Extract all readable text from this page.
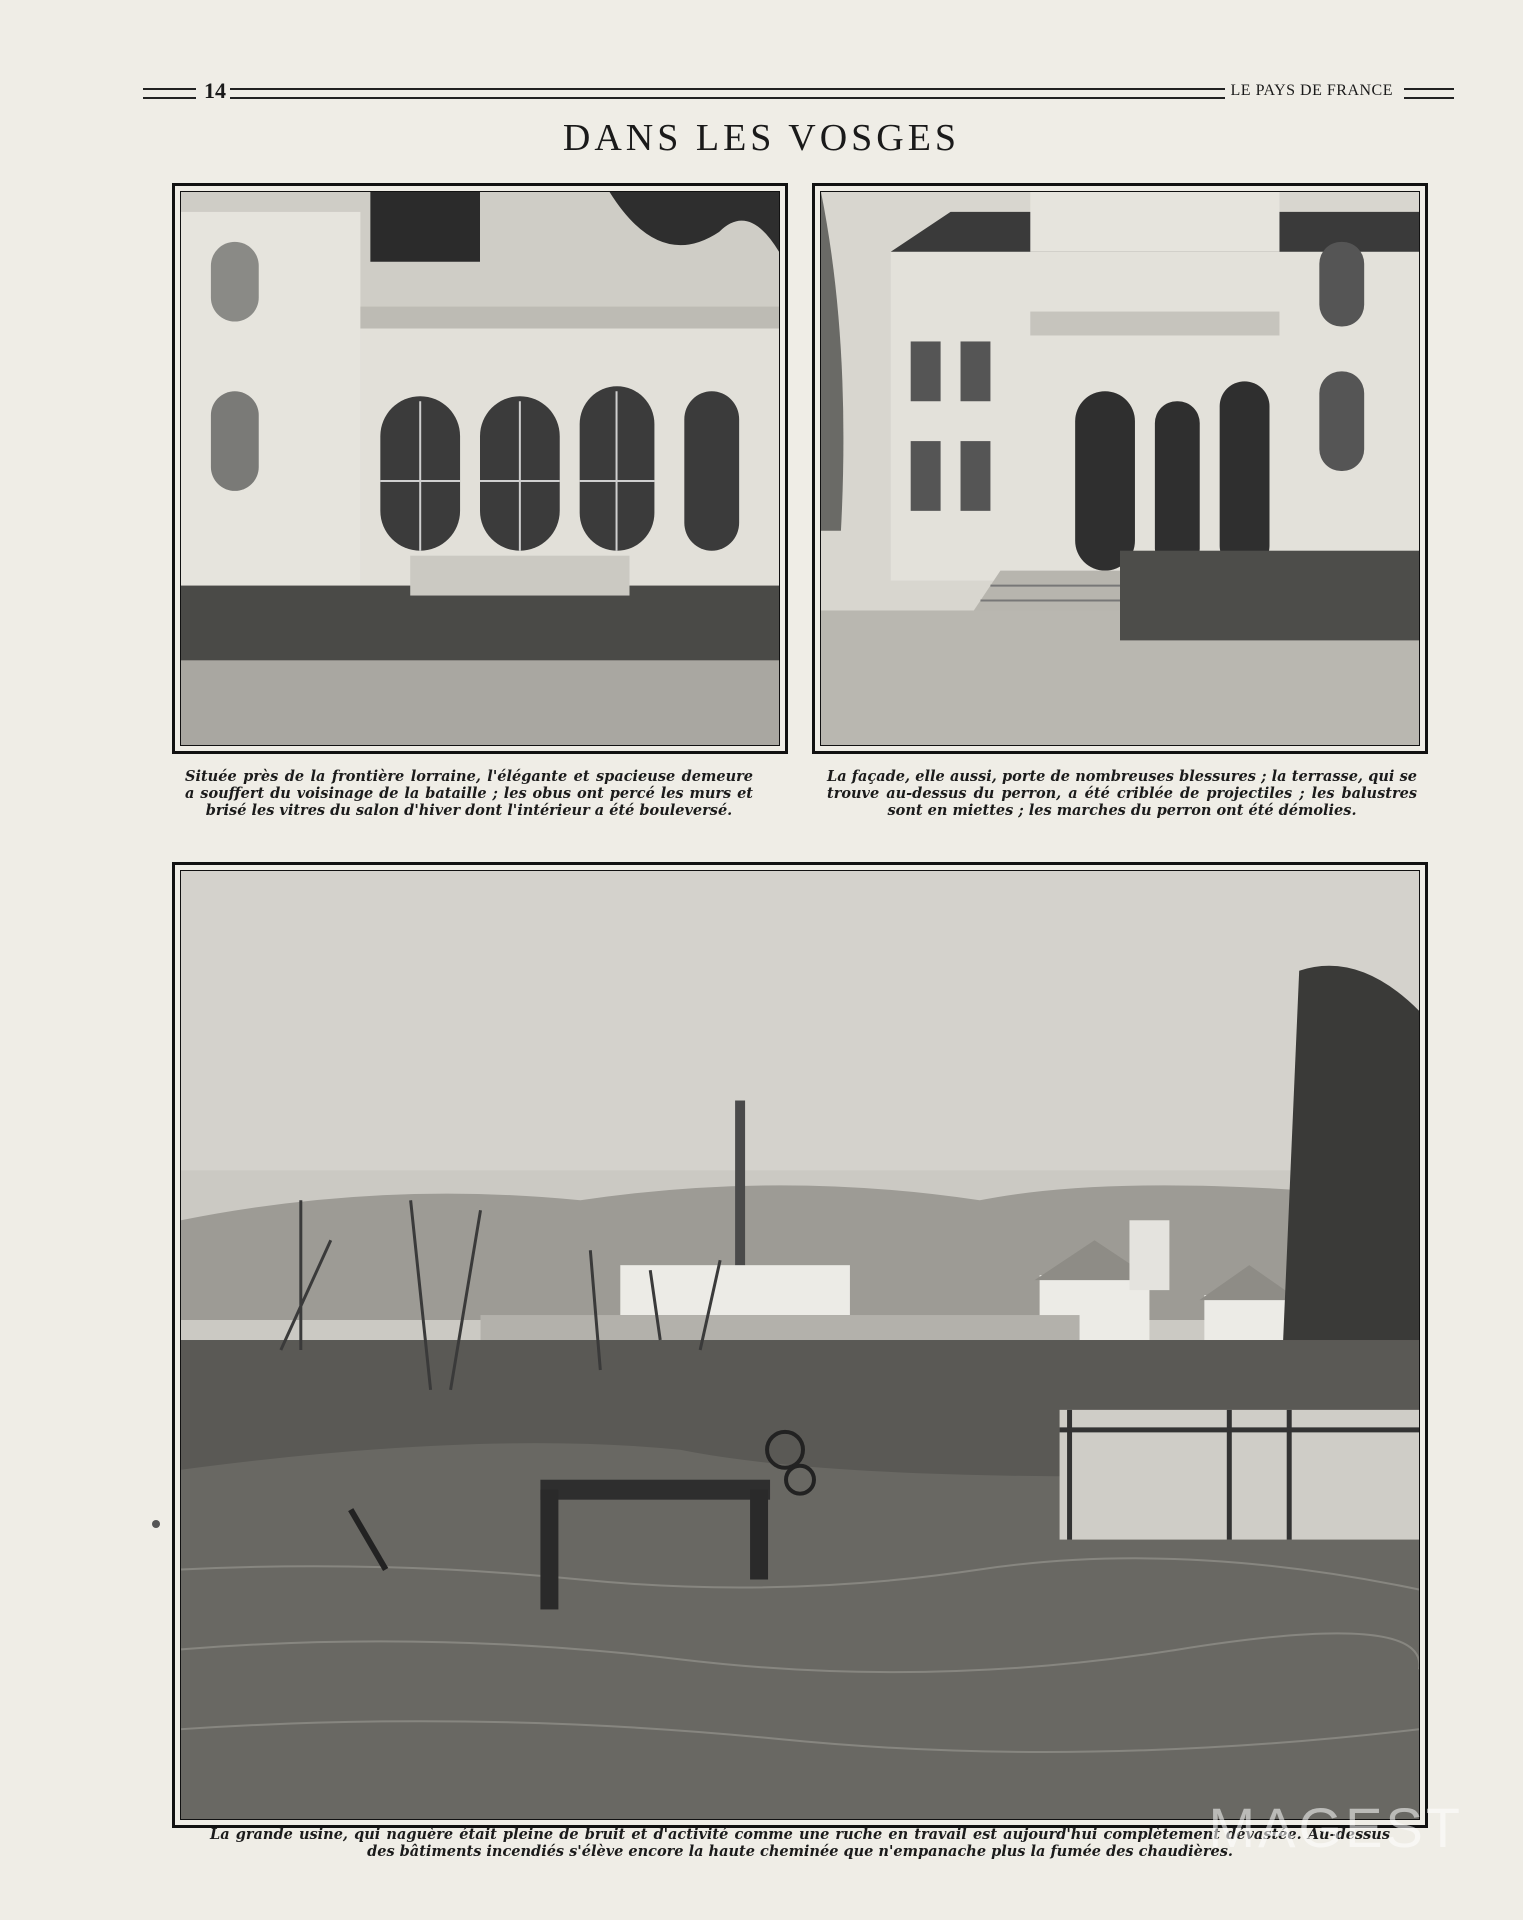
14	LE PAYS DE FRANCE
DANS LES VOSGES
Située près de la frontière lorraine, l'élégante et spacieuse demeure a souffert du voisinage de la bataille ; les obus ont percé les murs et brisé les vitres du salon d'hiver dont l'intérieur a été bouleversé.
La façade, elle aussi, porte de nombreuses blessures ; la terrasse, qui se trouve au-dessus du perron, a été criblée de projectiles ; les balustres sont en miettes ; les marches du perron ont été démolies.
La grande usine, qui naguère était pleine de bruit et d'activité comme une ruche en travail est aujourd'hui complètement dévastée. Au-dessus des bâtiments incendiés s'élève encore la haute cheminée que n'empanache plus la fumée des chaudières.
MAGEST
